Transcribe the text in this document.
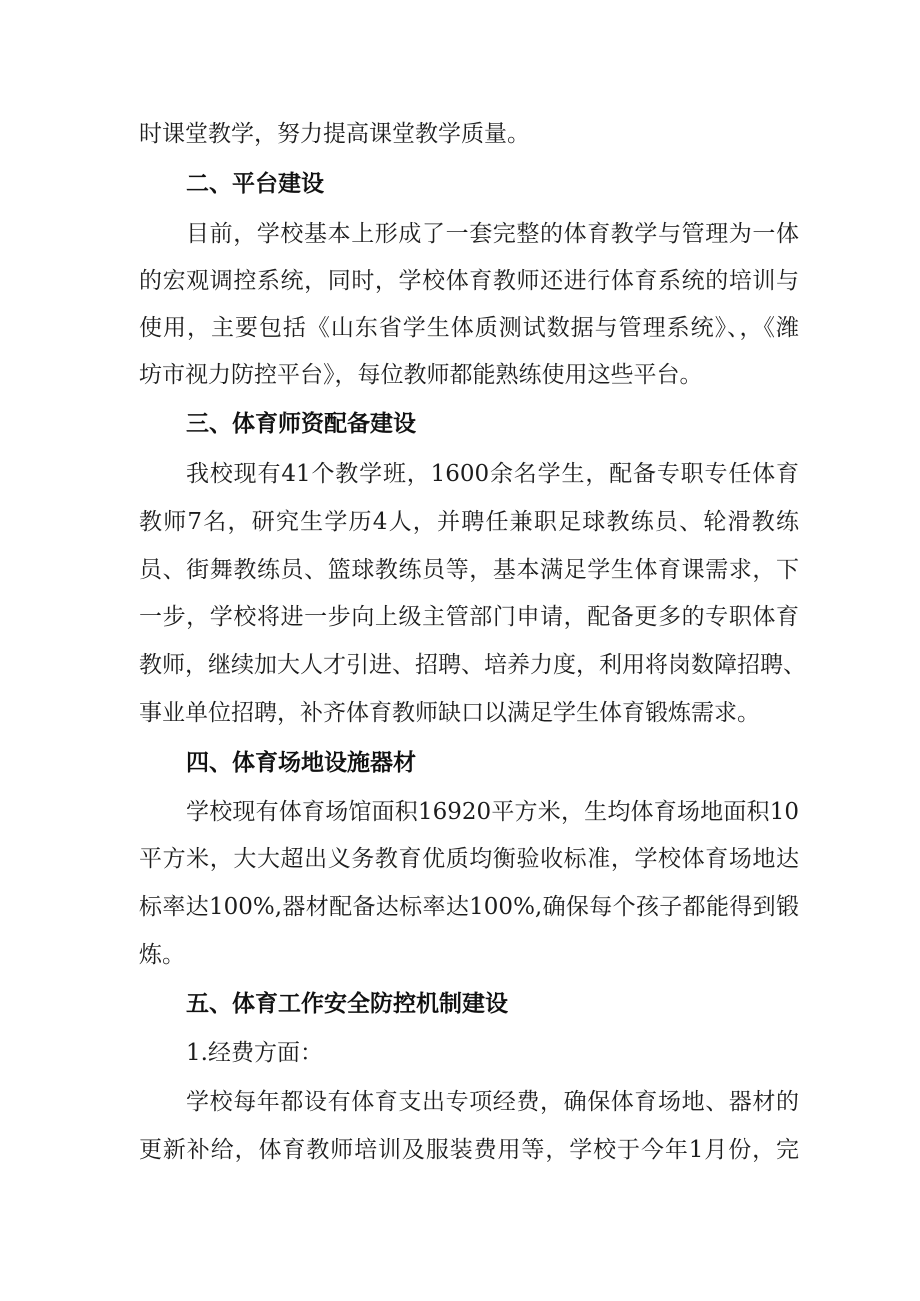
时课堂教学，努力提高课堂教学质量。
二、平台建设
目前，学校基本上形成了一套完整的体育教学与管理为一体
的宏观调控系统，同时，学校体育教师还进行体育系统的培训与
使用，主要包括《山东省学生体质测试数据与管理系统》、，《潍
坊市视力防控平台》，每位教师都能熟练使用这些平台。
三、体育师资配备建设
我校现有41个教学班，1600余名学生，配备专职专任体育
教师7名，研究生学历4人，并聘任兼职足球教练员、轮滑教练
员、街舞教练员、篮球教练员等，基本满足学生体育课需求，下
一步，学校将进一步向上级主管部门申请，配备更多的专职体育
教师，继续加大人才引进、招聘、培养力度，利用将岗数障招聘、
事业单位招聘，补齐体育教师缺口以满足学生体育锻炼需求。
四、体育场地设施器材
学校现有体育场馆面积16920平方米，生均体育场地面积10
平方米，大大超出义务教育优质均衡验收标准，学校体育场地达
标率达100%,器材配备达标率达100%,确保每个孩子都能得到锻
炼。
五、体育工作安全防控机制建设
1.经费方面：
学校每年都设有体育支出专项经费，确保体育场地、器材的
更新补给，体育教师培训及服装费用等，学校于今年1月份，完
